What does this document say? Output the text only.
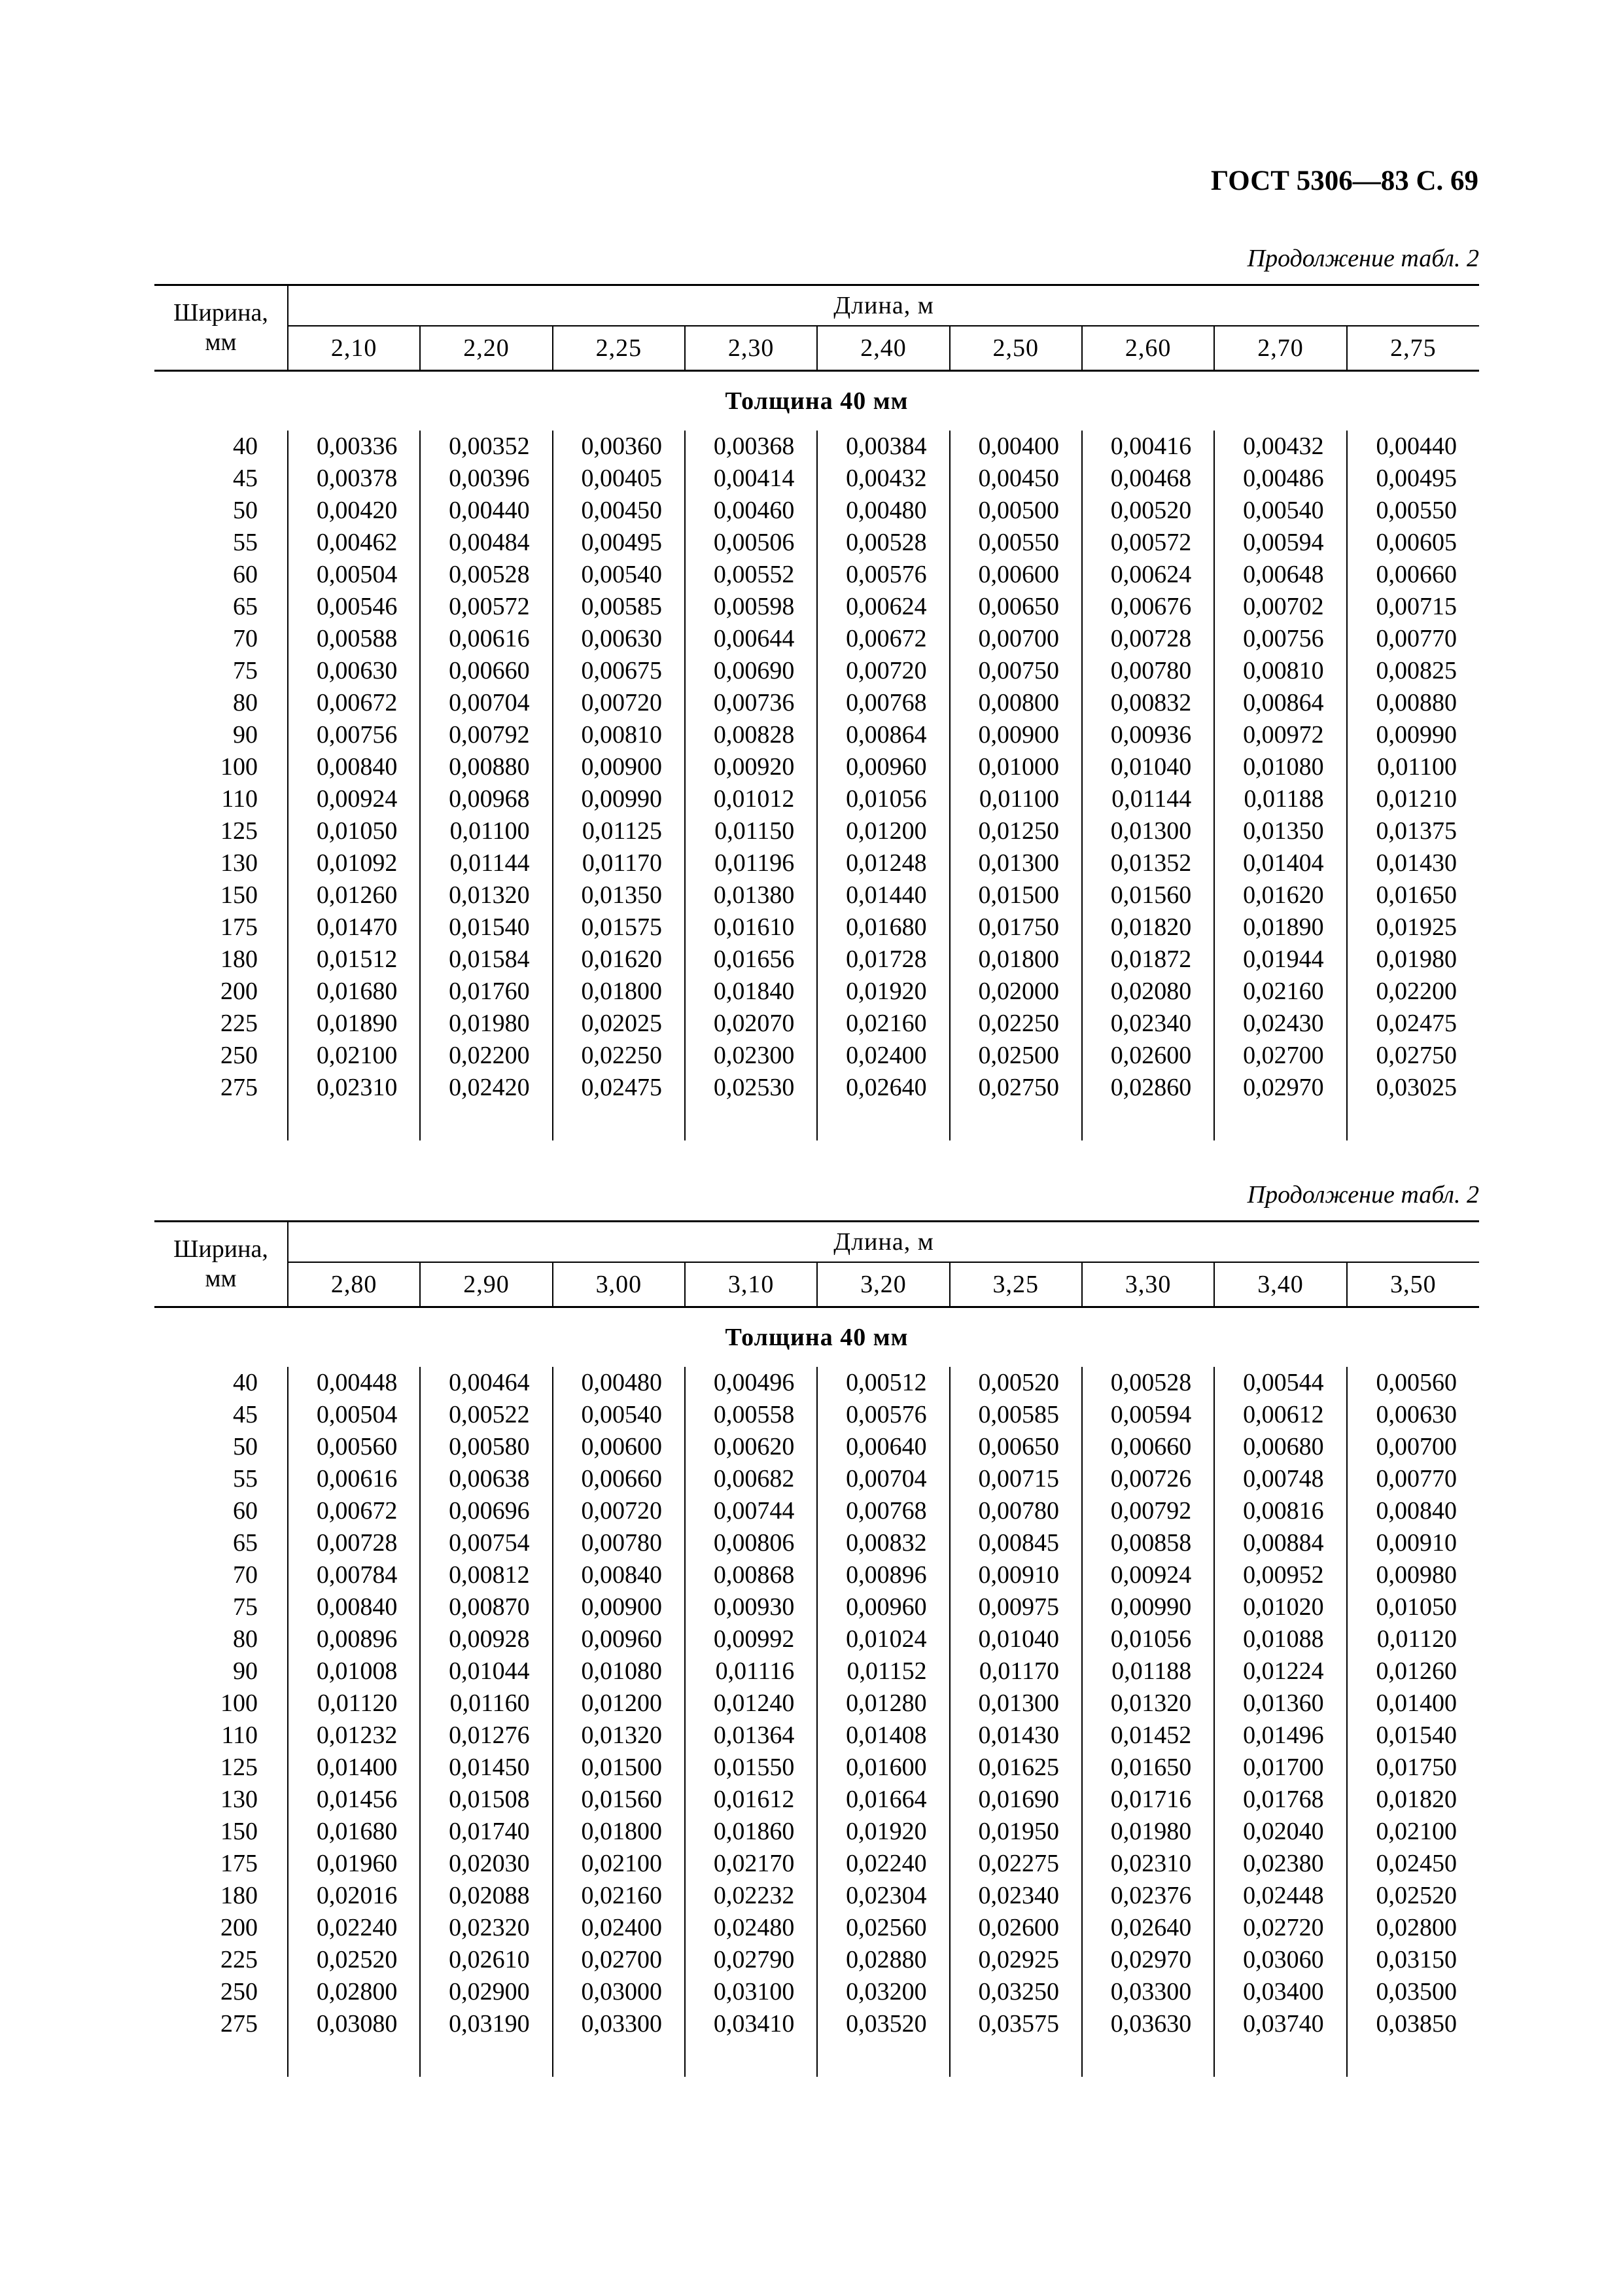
ГОСТ 5306—83 С. 69
Продолжение табл. 2
Ширина,
мм	Длина, м								
	2,10	2,20	2,25	2,30	2,40	2,50	2,60	2,70	2,75
Толщина 40 мм									
40	0,00336	0,00352	0,00360	0,00368	0,00384	0,00400	0,00416	0,00432	0,00440
45	0,00378	0,00396	0,00405	0,00414	0,00432	0,00450	0,00468	0,00486	0,00495
50	0,00420	0,00440	0,00450	0,00460	0,00480	0,00500	0,00520	0,00540	0,00550
55	0,00462	0,00484	0,00495	0,00506	0,00528	0,00550	0,00572	0,00594	0,00605
60	0,00504	0,00528	0,00540	0,00552	0,00576	0,00600	0,00624	0,00648	0,00660
65	0,00546	0,00572	0,00585	0,00598	0,00624	0,00650	0,00676	0,00702	0,00715
70	0,00588	0,00616	0,00630	0,00644	0,00672	0,00700	0,00728	0,00756	0,00770
75	0,00630	0,00660	0,00675	0,00690	0,00720	0,00750	0,00780	0,00810	0,00825
80	0,00672	0,00704	0,00720	0,00736	0,00768	0,00800	0,00832	0,00864	0,00880
90	0,00756	0,00792	0,00810	0,00828	0,00864	0,00900	0,00936	0,00972	0,00990
100	0,00840	0,00880	0,00900	0,00920	0,00960	0,01000	0,01040	0,01080	0,01100
110	0,00924	0,00968	0,00990	0,01012	0,01056	0,01100	0,01144	0,01188	0,01210
125	0,01050	0,01100	0,01125	0,01150	0,01200	0,01250	0,01300	0,01350	0,01375
130	0,01092	0,01144	0,01170	0,01196	0,01248	0,01300	0,01352	0,01404	0,01430
150	0,01260	0,01320	0,01350	0,01380	0,01440	0,01500	0,01560	0,01620	0,01650
175	0,01470	0,01540	0,01575	0,01610	0,01680	0,01750	0,01820	0,01890	0,01925
180	0,01512	0,01584	0,01620	0,01656	0,01728	0,01800	0,01872	0,01944	0,01980
200	0,01680	0,01760	0,01800	0,01840	0,01920	0,02000	0,02080	0,02160	0,02200
225	0,01890	0,01980	0,02025	0,02070	0,02160	0,02250	0,02340	0,02430	0,02475
250	0,02100	0,02200	0,02250	0,02300	0,02400	0,02500	0,02600	0,02700	0,02750
275	0,02310	0,02420	0,02475	0,02530	0,02640	0,02750	0,02860	0,02970	0,03025

Продолжение табл. 2
Ширина,
мм	Длина, м								
	2,80	2,90	3,00	3,10	3,20	3,25	3,30	3,40	3,50
Толщина 40 мм									
40	0,00448	0,00464	0,00480	0,00496	0,00512	0,00520	0,00528	0,00544	0,00560
45	0,00504	0,00522	0,00540	0,00558	0,00576	0,00585	0,00594	0,00612	0,00630
50	0,00560	0,00580	0,00600	0,00620	0,00640	0,00650	0,00660	0,00680	0,00700
55	0,00616	0,00638	0,00660	0,00682	0,00704	0,00715	0,00726	0,00748	0,00770
60	0,00672	0,00696	0,00720	0,00744	0,00768	0,00780	0,00792	0,00816	0,00840
65	0,00728	0,00754	0,00780	0,00806	0,00832	0,00845	0,00858	0,00884	0,00910
70	0,00784	0,00812	0,00840	0,00868	0,00896	0,00910	0,00924	0,00952	0,00980
75	0,00840	0,00870	0,00900	0,00930	0,00960	0,00975	0,00990	0,01020	0,01050
80	0,00896	0,00928	0,00960	0,00992	0,01024	0,01040	0,01056	0,01088	0,01120
90	0,01008	0,01044	0,01080	0,01116	0,01152	0,01170	0,01188	0,01224	0,01260
100	0,01120	0,01160	0,01200	0,01240	0,01280	0,01300	0,01320	0,01360	0,01400
110	0,01232	0,01276	0,01320	0,01364	0,01408	0,01430	0,01452	0,01496	0,01540
125	0,01400	0,01450	0,01500	0,01550	0,01600	0,01625	0,01650	0,01700	0,01750
130	0,01456	0,01508	0,01560	0,01612	0,01664	0,01690	0,01716	0,01768	0,01820
150	0,01680	0,01740	0,01800	0,01860	0,01920	0,01950	0,01980	0,02040	0,02100
175	0,01960	0,02030	0,02100	0,02170	0,02240	0,02275	0,02310	0,02380	0,02450
180	0,02016	0,02088	0,02160	0,02232	0,02304	0,02340	0,02376	0,02448	0,02520
200	0,02240	0,02320	0,02400	0,02480	0,02560	0,02600	0,02640	0,02720	0,02800
225	0,02520	0,02610	0,02700	0,02790	0,02880	0,02925	0,02970	0,03060	0,03150
250	0,02800	0,02900	0,03000	0,03100	0,03200	0,03250	0,03300	0,03400	0,03500
275	0,03080	0,03190	0,03300	0,03410	0,03520	0,03575	0,03630	0,03740	0,03850
